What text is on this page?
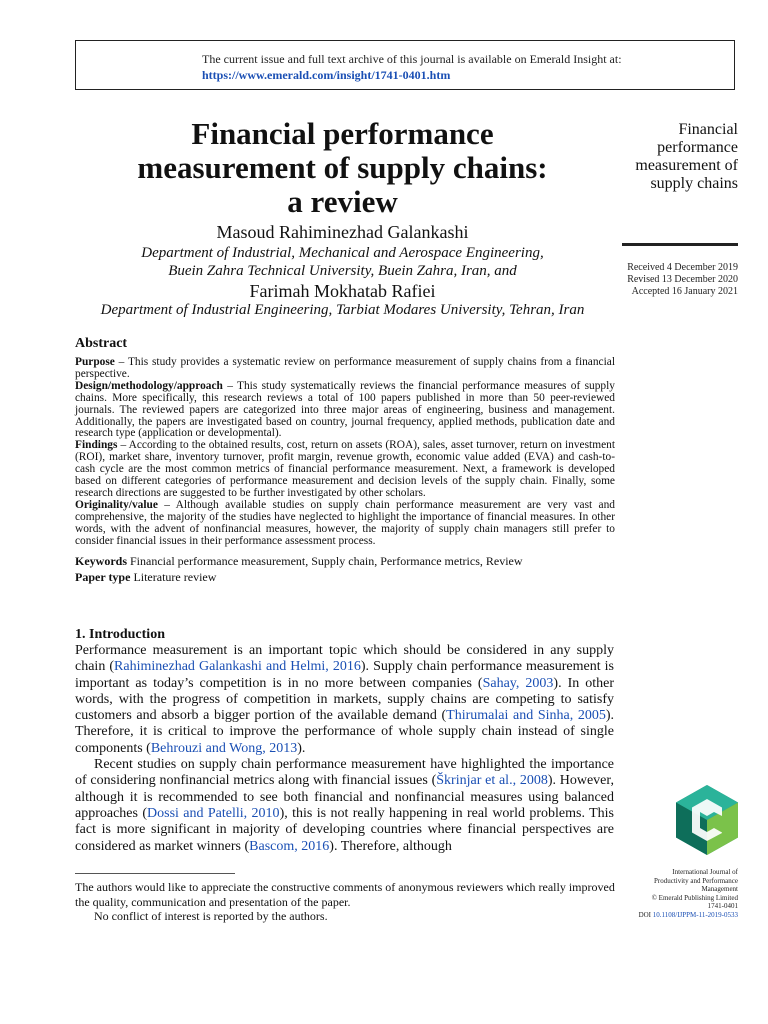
The current issue and full text archive of this journal is available on Emerald Insight at:
https://www.emerald.com/insight/1741-0401.htm
Financial performance
measurement of supply chains:
a review
Masoud Rahiminezhad Galankashi
Department of Industrial, Mechanical and Aerospace Engineering,
Buein Zahra Technical University, Buein Zahra, Iran, and
Farimah Mokhatab Rafiei
Department of Industrial Engineering, Tarbiat Modares University, Tehran, Iran
Financial
performance
measurement of
supply chains
Received 4 December 2019
Revised 13 December 2020
Accepted 16 January 2021
Abstract

Purpose – This study provides a systematic review on performance measurement of supply chains from a financial perspective.

Design/methodology/approach – This study systematically reviews the financial performance measures of supply chains. More specifically, this research reviews a total of 100 papers published in more than 50 peer-reviewed journals. The reviewed papers are categorized into three major areas of engineering, business and management. Additionally, the papers are investigated based on country, journal frequency, applied methods, publication date and research type (application or developmental).

Findings – According to the obtained results, cost, return on assets (ROA), sales, asset turnover, return on investment (ROI), market share, inventory turnover, profit margin, revenue growth, economic value added (EVA) and cash-to-cash cycle are the most common metrics of financial performance measurement. Next, a framework is developed based on different categories of performance measurement and decision levels of the supply chain. Finally, some research directions are suggested to be further investigated by other scholars.

Originality/value – Although available studies on supply chain performance measurement are very vast and comprehensive, the majority of the studies have neglected to highlight the importance of financial measures. In other words, with the advent of nonfinancial measures, however, the majority of supply chain managers still prefer to consider financial issues in their performance assessment process.

Keywords Financial performance measurement, Supply chain, Performance metrics, Review

Paper type Literature review

1. Introduction

Performance measurement is an important topic which should be considered in any supply chain (Rahiminezhad Galankashi and Helmi, 2016). Supply chain performance measurement is important as today’s competition is in no more between companies (Sahay, 2003). In other words, with the progress of competition in markets, supply chains are competing to satisfy customers and absorb a bigger portion of the available demand (Thirumalai and Sinha, 2005). Therefore, it is critical to improve the performance of whole supply chain instead of single components (Behrouzi and Wong, 2013).

Recent studies on supply chain performance measurement have highlighted the importance of considering nonfinancial metrics along with financial issues (Škrinjar et al., 2008). However, although it is recommended to see both financial and nonfinancial measures using balanced approaches (Dossi and Patelli, 2010), this is not really happening in real world problems. This fact is more significant in majority of developing countries where financial perspectives are considered as market winners (Bascom, 2016). Therefore, although

The authors would like to appreciate the constructive comments of anonymous reviewers which really improved the quality, communication and presentation of the paper.

No conflict of interest is reported by the authors.

International Journal of
Productivity and Performance
Management
© Emerald Publishing Limited
1741-0401
DOI 10.1108/IJPPM-11-2019-0533
